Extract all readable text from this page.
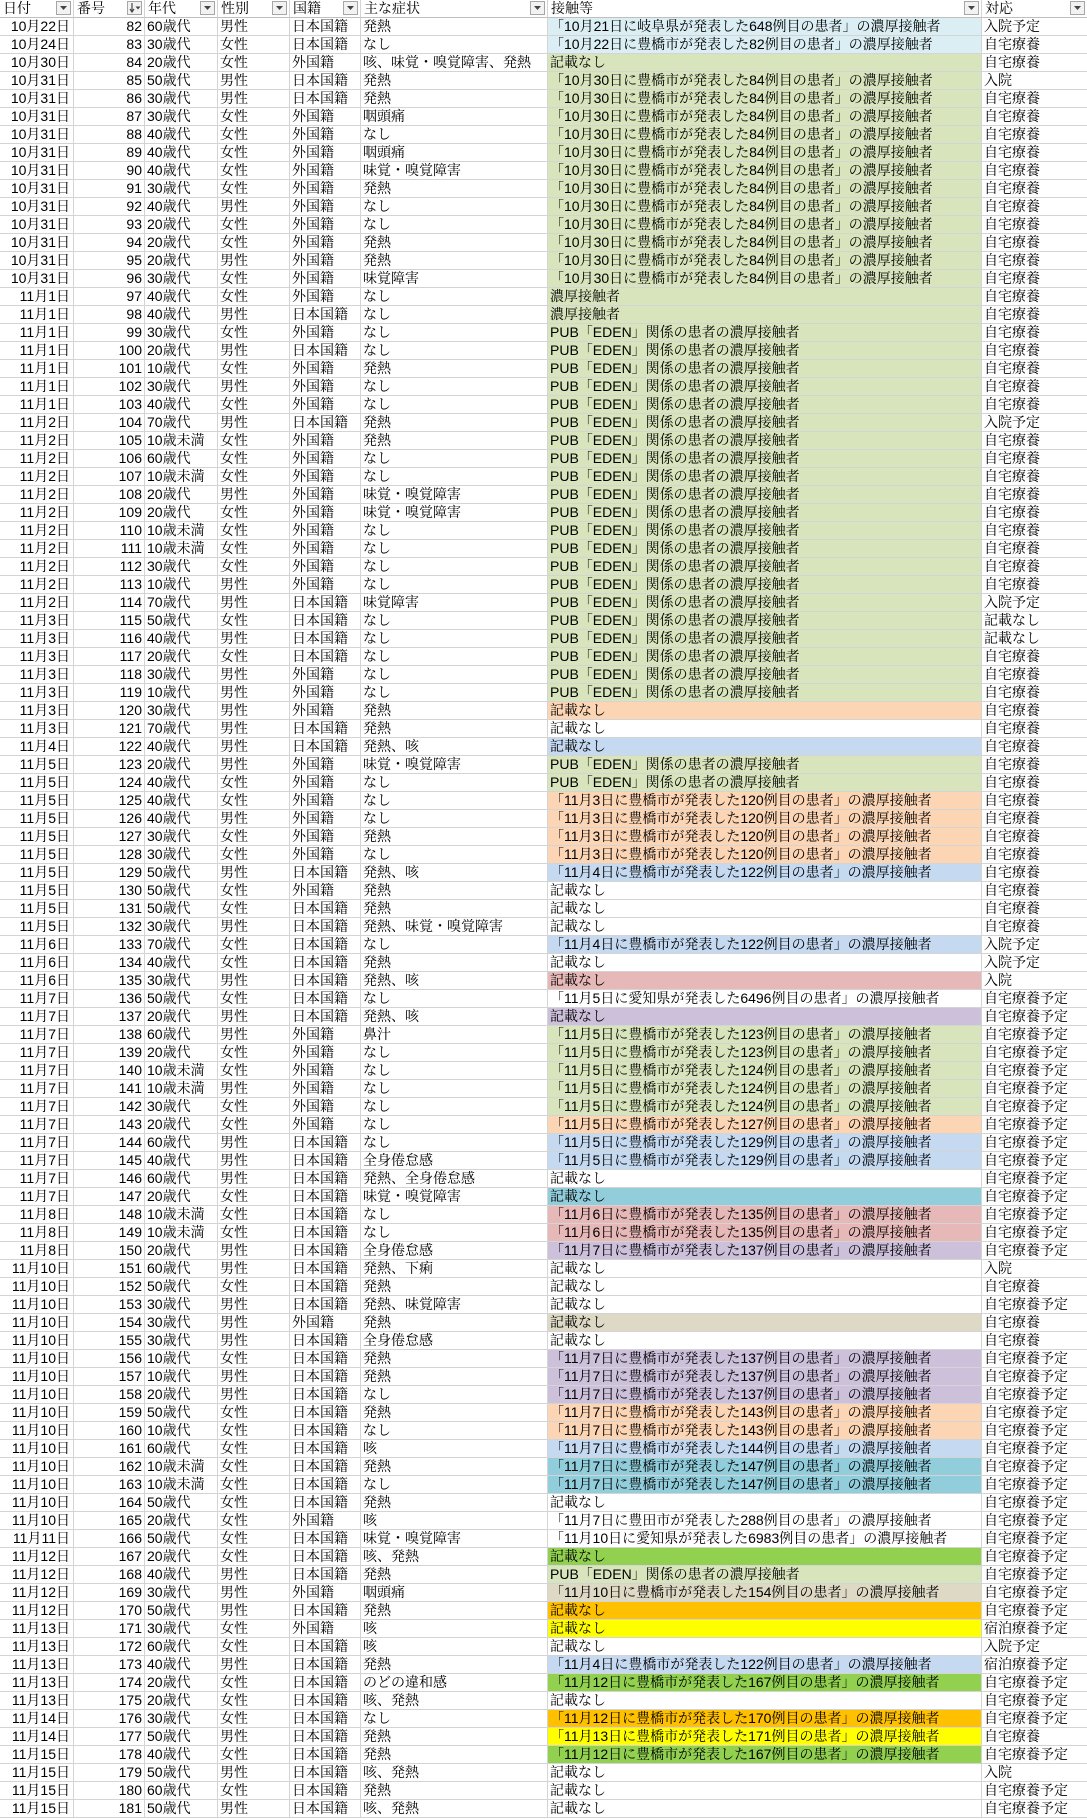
日付	番号	年代	性別	国籍	主な症状	接触等	対応
10月22日	82 60歳代	男性	日本国籍	発熱	「10月21日に岐阜県が発表した648例目の患者」の濃厚接触者	入院予定
10月24日	83 30歳代	女性	日本国籍	なし	「10月22日に豊橋市が発表した82例目の患者」の濃厚接触者	自宅療養
10月30日	84 20歳代	女性	外国籍	咳、味覚・嗅覚障害、発熱	記載なし	自宅療養
10月31日	85 50歳代	男性	日本国籍	発熱	「10月30日に豊橋市が発表した84例目の患者」の濃厚接触者	入院
10月31日	86 30歳代	男性	日本国籍	発熱	「10月30日に豊橋市が発表した84例目の患者」の濃厚接触者	自宅療養
10月31日	87 30歳代	女性	外国籍	咽頭痛	「10月30日に豊橋市が発表した84例目の患者」の濃厚接触者	自宅療養
10月31日	88 40歳代	女性	外国籍	なし	「10月30日に豊橋市が発表した84例目の患者」の濃厚接触者	自宅療養
10月31日	89 40歳代	女性	外国籍	咽頭痛	「10月30日に豊橋市が発表した84例目の患者」の濃厚接触者	自宅療養
10月31日	90 40歳代	女性	外国籍	味覚・嗅覚障害	「10月30日に豊橋市が発表した84例目の患者」の濃厚接触者	自宅療養
10月31日	91 30歳代	女性	外国籍	発熱	「10月30日に豊橋市が発表した84例目の患者」の濃厚接触者	自宅療養
10月31日	92 40歳代	男性	外国籍	なし	「10月30日に豊橋市が発表した84例目の患者」の濃厚接触者	自宅療養
10月31日	93 20歳代	女性	外国籍	なし	「10月30日に豊橋市が発表した84例目の患者」の濃厚接触者	自宅療養
10月31日	94 20歳代	女性	外国籍	発熱	「10月30日に豊橋市が発表した84例目の患者」の濃厚接触者	自宅療養
10月31日	95 20歳代	男性	外国籍	発熱	「10月30日に豊橋市が発表した84例目の患者」の濃厚接触者	自宅療養
10月31日	96 30歳代	女性	外国籍	味覚障害	「10月30日に豊橋市が発表した84例目の患者」の濃厚接触者	自宅療養
11月1日	97 40歳代	女性	外国籍	なし	濃厚接触者	自宅療養
11月1日	98 40歳代	男性	日本国籍	なし	濃厚接触者	自宅療養
11月1日	99 30歳代	女性	外国籍	なし	PUB「EDEN」関係の患者の濃厚接触者	自宅療養
11月1日	100 20歳代	男性	日本国籍	なし	PUB「EDEN」関係の患者の濃厚接触者	自宅療養
11月1日	101 10歳代	女性	外国籍	発熱	PUB「EDEN」関係の患者の濃厚接触者	自宅療養
11月1日	102 30歳代	男性	外国籍	なし	PUB「EDEN」関係の患者の濃厚接触者	自宅療養
11月1日	103 40歳代	女性	外国籍	なし	PUB「EDEN」関係の患者の濃厚接触者	自宅療養
11月2日	104 70歳代	男性	日本国籍	発熱	PUB「EDEN」関係の患者の濃厚接触者	入院予定
11月2日	105 10歳未満	女性	外国籍	発熱	PUB「EDEN」関係の患者の濃厚接触者	自宅療養
11月2日	106 60歳代	女性	外国籍	なし	PUB「EDEN」関係の患者の濃厚接触者	自宅療養
11月2日	107 10歳未満	女性	外国籍	なし	PUB「EDEN」関係の患者の濃厚接触者	自宅療養
11月2日	108 20歳代	男性	外国籍	味覚・嗅覚障害	PUB「EDEN」関係の患者の濃厚接触者	自宅療養
11月2日	109 20歳代	女性	外国籍	味覚・嗅覚障害	PUB「EDEN」関係の患者の濃厚接触者	自宅療養
11月2日	110 10歳未満	女性	外国籍	なし	PUB「EDEN」関係の患者の濃厚接触者	自宅療養
11月2日	111 10歳未満	女性	外国籍	なし	PUB「EDEN」関係の患者の濃厚接触者	自宅療養
11月2日	112 30歳代	女性	外国籍	なし	PUB「EDEN」関係の患者の濃厚接触者	自宅療養
11月2日	113 10歳代	男性	外国籍	なし	PUB「EDEN」関係の患者の濃厚接触者	自宅療養
11月2日	114 70歳代	男性	日本国籍	味覚障害	PUB「EDEN」関係の患者の濃厚接触者	入院予定
11月3日	115 50歳代	女性	日本国籍	なし	PUB「EDEN」関係の患者の濃厚接触者	記載なし
11月3日	116 40歳代	男性	日本国籍	なし	PUB「EDEN」関係の患者の濃厚接触者	記載なし
11月3日	117 20歳代	女性	日本国籍	なし	PUB「EDEN」関係の患者の濃厚接触者	自宅療養
11月3日	118 30歳代	男性	外国籍	なし	PUB「EDEN」関係の患者の濃厚接触者	自宅療養
11月3日	119 10歳代	男性	外国籍	なし	PUB「EDEN」関係の患者の濃厚接触者	自宅療養
11月3日	120 30歳代	男性	外国籍	発熱	記載なし	自宅療養
11月3日	121 70歳代	男性	日本国籍	発熱	記載なし	自宅療養
11月4日	122 40歳代	男性	日本国籍	発熱、咳	記載なし	自宅療養
11月5日	123 20歳代	男性	外国籍	味覚・嗅覚障害	PUB「EDEN」関係の患者の濃厚接触者	自宅療養
11月5日	124 40歳代	女性	外国籍	なし	PUB「EDEN」関係の患者の濃厚接触者	自宅療養
11月5日	125 40歳代	女性	外国籍	なし	「11月3日に豊橋市が発表した120例目の患者」の濃厚接触者	自宅療養
11月5日	126 40歳代	男性	外国籍	なし	「11月3日に豊橋市が発表した120例目の患者」の濃厚接触者	自宅療養
11月5日	127 30歳代	女性	外国籍	発熱	「11月3日に豊橋市が発表した120例目の患者」の濃厚接触者	自宅療養
11月5日	128 30歳代	女性	外国籍	なし	「11月3日に豊橋市が発表した120例目の患者」の濃厚接触者	自宅療養
11月5日	129 50歳代	男性	日本国籍	発熱、咳	「11月4日に豊橋市が発表した122例目の患者」の濃厚接触者	自宅療養
11月5日	130 50歳代	女性	外国籍	発熱	記載なし	自宅療養
11月5日	131 50歳代	女性	日本国籍	発熱	記載なし	自宅療養
11月5日	132 30歳代	男性	日本国籍	発熱、味覚・嗅覚障害	記載なし	自宅療養
11月6日	133 70歳代	女性	日本国籍	なし	「11月4日に豊橋市が発表した122例目の患者」の濃厚接触者	入院予定
11月6日	134 40歳代	女性	日本国籍	発熱	記載なし	入院予定
11月6日	135 30歳代	男性	日本国籍	発熱、咳	記載なし	入院
11月7日	136 50歳代	女性	日本国籍	なし	「11月5日に愛知県が発表した6496例目の患者」の濃厚接触者	自宅療養予定
11月7日	137 20歳代	男性	日本国籍	発熱、咳	記載なし	自宅療養予定
11月7日	138 60歳代	男性	外国籍	鼻汁	「11月5日に豊橋市が発表した123例目の患者」の濃厚接触者	自宅療養予定
11月7日	139 20歳代	女性	外国籍	なし	「11月5日に豊橋市が発表した123例目の患者」の濃厚接触者	自宅療養予定
11月7日	140 10歳未満	女性	外国籍	なし	「11月5日に豊橋市が発表した124例目の患者」の濃厚接触者	自宅療養予定
11月7日	141 10歳未満	男性	外国籍	なし	「11月5日に豊橋市が発表した124例目の患者」の濃厚接触者	自宅療養予定
11月7日	142 30歳代	女性	外国籍	なし	「11月5日に豊橋市が発表した124例目の患者」の濃厚接触者	自宅療養予定
11月7日	143 20歳代	女性	外国籍	なし	「11月5日に豊橋市が発表した127例目の患者」の濃厚接触者	自宅療養予定
11月7日	144 60歳代	男性	日本国籍	なし	「11月5日に豊橋市が発表した129例目の患者」の濃厚接触者	自宅療養予定
11月7日	145 40歳代	男性	日本国籍	全身倦怠感	「11月5日に豊橋市が発表した129例目の患者」の濃厚接触者	自宅療養予定
11月7日	146 60歳代	男性	日本国籍	発熱、全身倦怠感	記載なし	自宅療養予定
11月7日	147 20歳代	女性	日本国籍	味覚・嗅覚障害	記載なし	自宅療養予定
11月8日	148 10歳未満	女性	日本国籍	なし	「11月6日に豊橋市が発表した135例目の患者」の濃厚接触者	自宅療養予定
11月8日	149 10歳未満	女性	日本国籍	なし	「11月6日に豊橋市が発表した135例目の患者」の濃厚接触者	自宅療養予定
11月8日	150 20歳代	男性	日本国籍	全身倦怠感	「11月7日に豊橋市が発表した137例目の患者」の濃厚接触者	自宅療養予定
11月10日	151 60歳代	男性	日本国籍	発熱、下痢	記載なし	入院
11月10日	152 50歳代	女性	日本国籍	発熱	記載なし	自宅療養
11月10日	153 30歳代	男性	日本国籍	発熱、味覚障害	記載なし	自宅療養予定
11月10日	154 30歳代	男性	外国籍	発熱	記載なし	自宅療養
11月10日	155 30歳代	男性	日本国籍	全身倦怠感	記載なし	自宅療養
11月10日	156 10歳代	女性	日本国籍	発熱	「11月7日に豊橋市が発表した137例目の患者」の濃厚接触者	自宅療養予定
11月10日	157 10歳代	男性	日本国籍	発熱	「11月7日に豊橋市が発表した137例目の患者」の濃厚接触者	自宅療養予定
11月10日	158 20歳代	男性	日本国籍	なし	「11月7日に豊橋市が発表した137例目の患者」の濃厚接触者	自宅療養予定
11月10日	159 50歳代	女性	日本国籍	発熱	「11月7日に豊橋市が発表した143例目の患者」の濃厚接触者	自宅療養予定
11月10日	160 10歳代	女性	日本国籍	なし	「11月7日に豊橋市が発表した143例目の患者」の濃厚接触者	自宅療養予定
11月10日	161 60歳代	女性	日本国籍	咳	「11月7日に豊橋市が発表した144例目の患者」の濃厚接触者	自宅療養予定
11月10日	162 10歳未満	女性	日本国籍	発熱	「11月7日に豊橋市が発表した147例目の患者」の濃厚接触者	自宅療養予定
11月10日	163 10歳未満	女性	日本国籍	なし	「11月7日に豊橋市が発表した147例目の患者」の濃厚接触者	自宅療養予定
11月10日	164 50歳代	女性	日本国籍	発熱	記載なし	自宅療養予定
11月10日	165 20歳代	女性	外国籍	咳	「11月7日に豊田市が発表した288例目の患者」の濃厚接触者	自宅療養予定
11月11日	166 50歳代	女性	日本国籍	味覚・嗅覚障害	「11月10日に愛知県が発表した6983例目の患者」の濃厚接触者	自宅療養予定
11月12日	167 20歳代	女性	日本国籍	咳、発熱	記載なし	自宅療養予定
11月12日	168 40歳代	男性	日本国籍	発熱	PUB「EDEN」関係の患者の濃厚接触者	自宅療養予定
11月12日	169 30歳代	男性	外国籍	咽頭痛	「11月10日に豊橋市が発表した154例目の患者」の濃厚接触者	自宅療養予定
11月12日	170 50歳代	男性	日本国籍	発熱	記載なし	自宅療養予定
11月13日	171 30歳代	女性	外国籍	咳	記載なし	宿泊療養予定
11月13日	172 60歳代	女性	日本国籍	咳	記載なし	入院予定
11月13日	173 40歳代	男性	日本国籍	発熱	「11月4日に豊橋市が発表した122例目の患者」の濃厚接触者	宿泊療養予定
11月13日	174 20歳代	女性	日本国籍	のどの違和感	「11月12日に豊橋市が発表した167例目の患者」の濃厚接触者	自宅療養予定
11月13日	175 20歳代	女性	日本国籍	咳、発熱	記載なし	自宅療養予定
11月14日	176 30歳代	女性	日本国籍	なし	「11月12日に豊橋市が発表した170例目の患者」の濃厚接触者	自宅療養予定
11月14日	177 50歳代	男性	日本国籍	発熱	「11月13日に豊橋市が発表した171例目の患者」の濃厚接触者	自宅療養
11月15日	178 40歳代	女性	日本国籍	発熱	「11月12日に豊橋市が発表した167例目の患者」の濃厚接触者	自宅療養予定
11月15日	179 50歳代	男性	日本国籍	咳、発熱	記載なし	入院
11月15日	180 60歳代	女性	日本国籍	発熱	記載なし	自宅療養予定
11月15日	181 50歳代	男性	日本国籍	咳、発熱	記載なし	自宅療養予定
